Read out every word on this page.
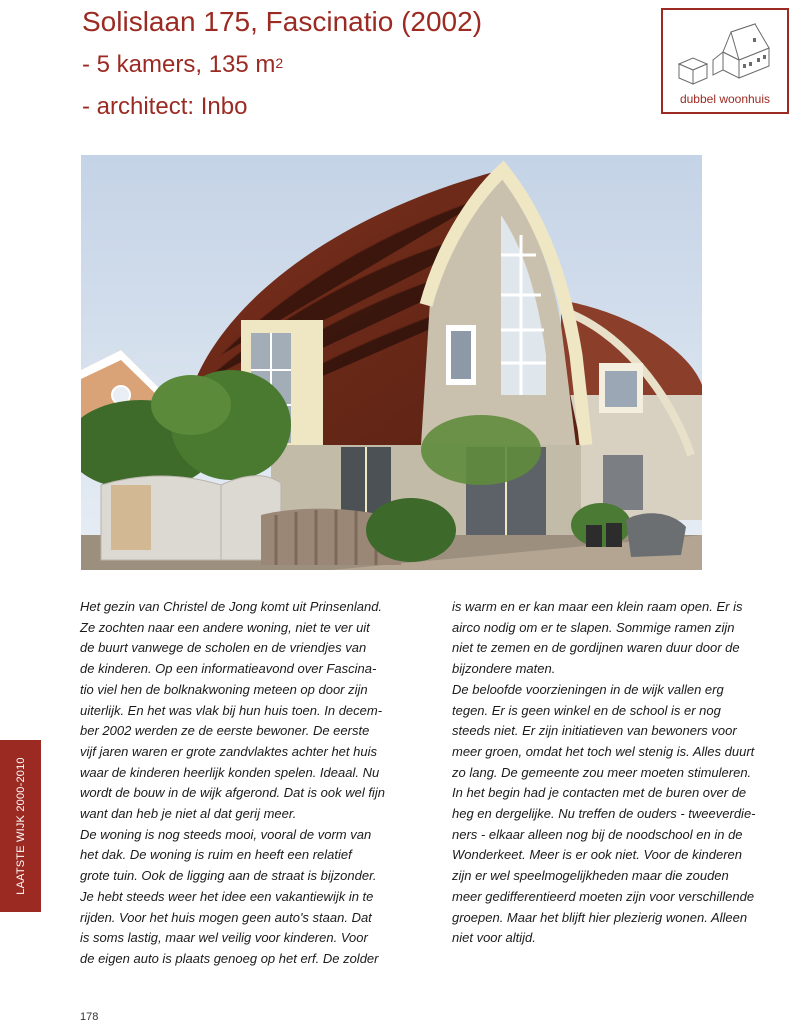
Solislaan 175, Fascinatio (2002)
- 5 kamers, 135 $m^2$
- architect: Inbo	dubbel woonhuis

Het gezin van Christel de Jong komt uit Prinsenland.

Ze zochten naar een andere woning, niet te ver uit

de buurt vanwege de scholen en de vriendjes van

de kinderen. Op een informatieavond over Fascina-

tio viel hen de bolknakwoning meteen op door zijn

uiterlijk. En het was vlak bij hun huis toen. In decem-

ber 2002 werden ze de eerste bewoner. De eerste

vijf jaren waren er grote zandvlaktes achter het huis

waar de kinderen heerlijk konden spelen. Ideaal. Nu

wordt de bouw in de wijk afgerond. Dat is ook wel fijn

want dan heb je niet al dat gerij meer.

De woning is nog steeds mooi, vooral de vorm van

het dak. De woning is ruim en heeft een relatief

grote tuin. Ook de ligging aan de straat is bijzonder.

Je hebt steeds weer het idee een vakantiewijk in te

rijden. Voor het huis mogen geen auto's staan. Dat

is soms lastig, maar wel veilig voor kinderen. Voor

de eigen auto is plaats genoeg op het erf. De zolder

is warm en er kan maar een klein raam open. Er is

airco nodig om er te slapen. Sommige ramen zijn

niet te zemen en de gordijnen waren duur door de

bijzondere maten.

De beloofde voorzieningen in de wijk vallen erg

tegen. Er is geen winkel en de school is er nog

steeds niet. Er zijn initiatieven van bewoners voor

meer groen, omdat het toch wel stenig is. Alles duurt

zo lang. De gemeente zou meer moeten stimuleren.

In het begin had je contacten met de buren over de

heg en dergelijke. Nu treffen de ouders - tweeverdie-

ners - elkaar alleen nog bij de noodschool en in de

Wonderkeet. Meer is er ook niet. Voor de kinderen

zijn er wel speelmogelijkheden maar die zouden

meer gedifferentieerd moeten zijn voor verschillende

groepen. Maar het blijft hier plezierig wonen. Alleen

niet voor altijd.

LAATSTE WIJK 2000-2010
178
